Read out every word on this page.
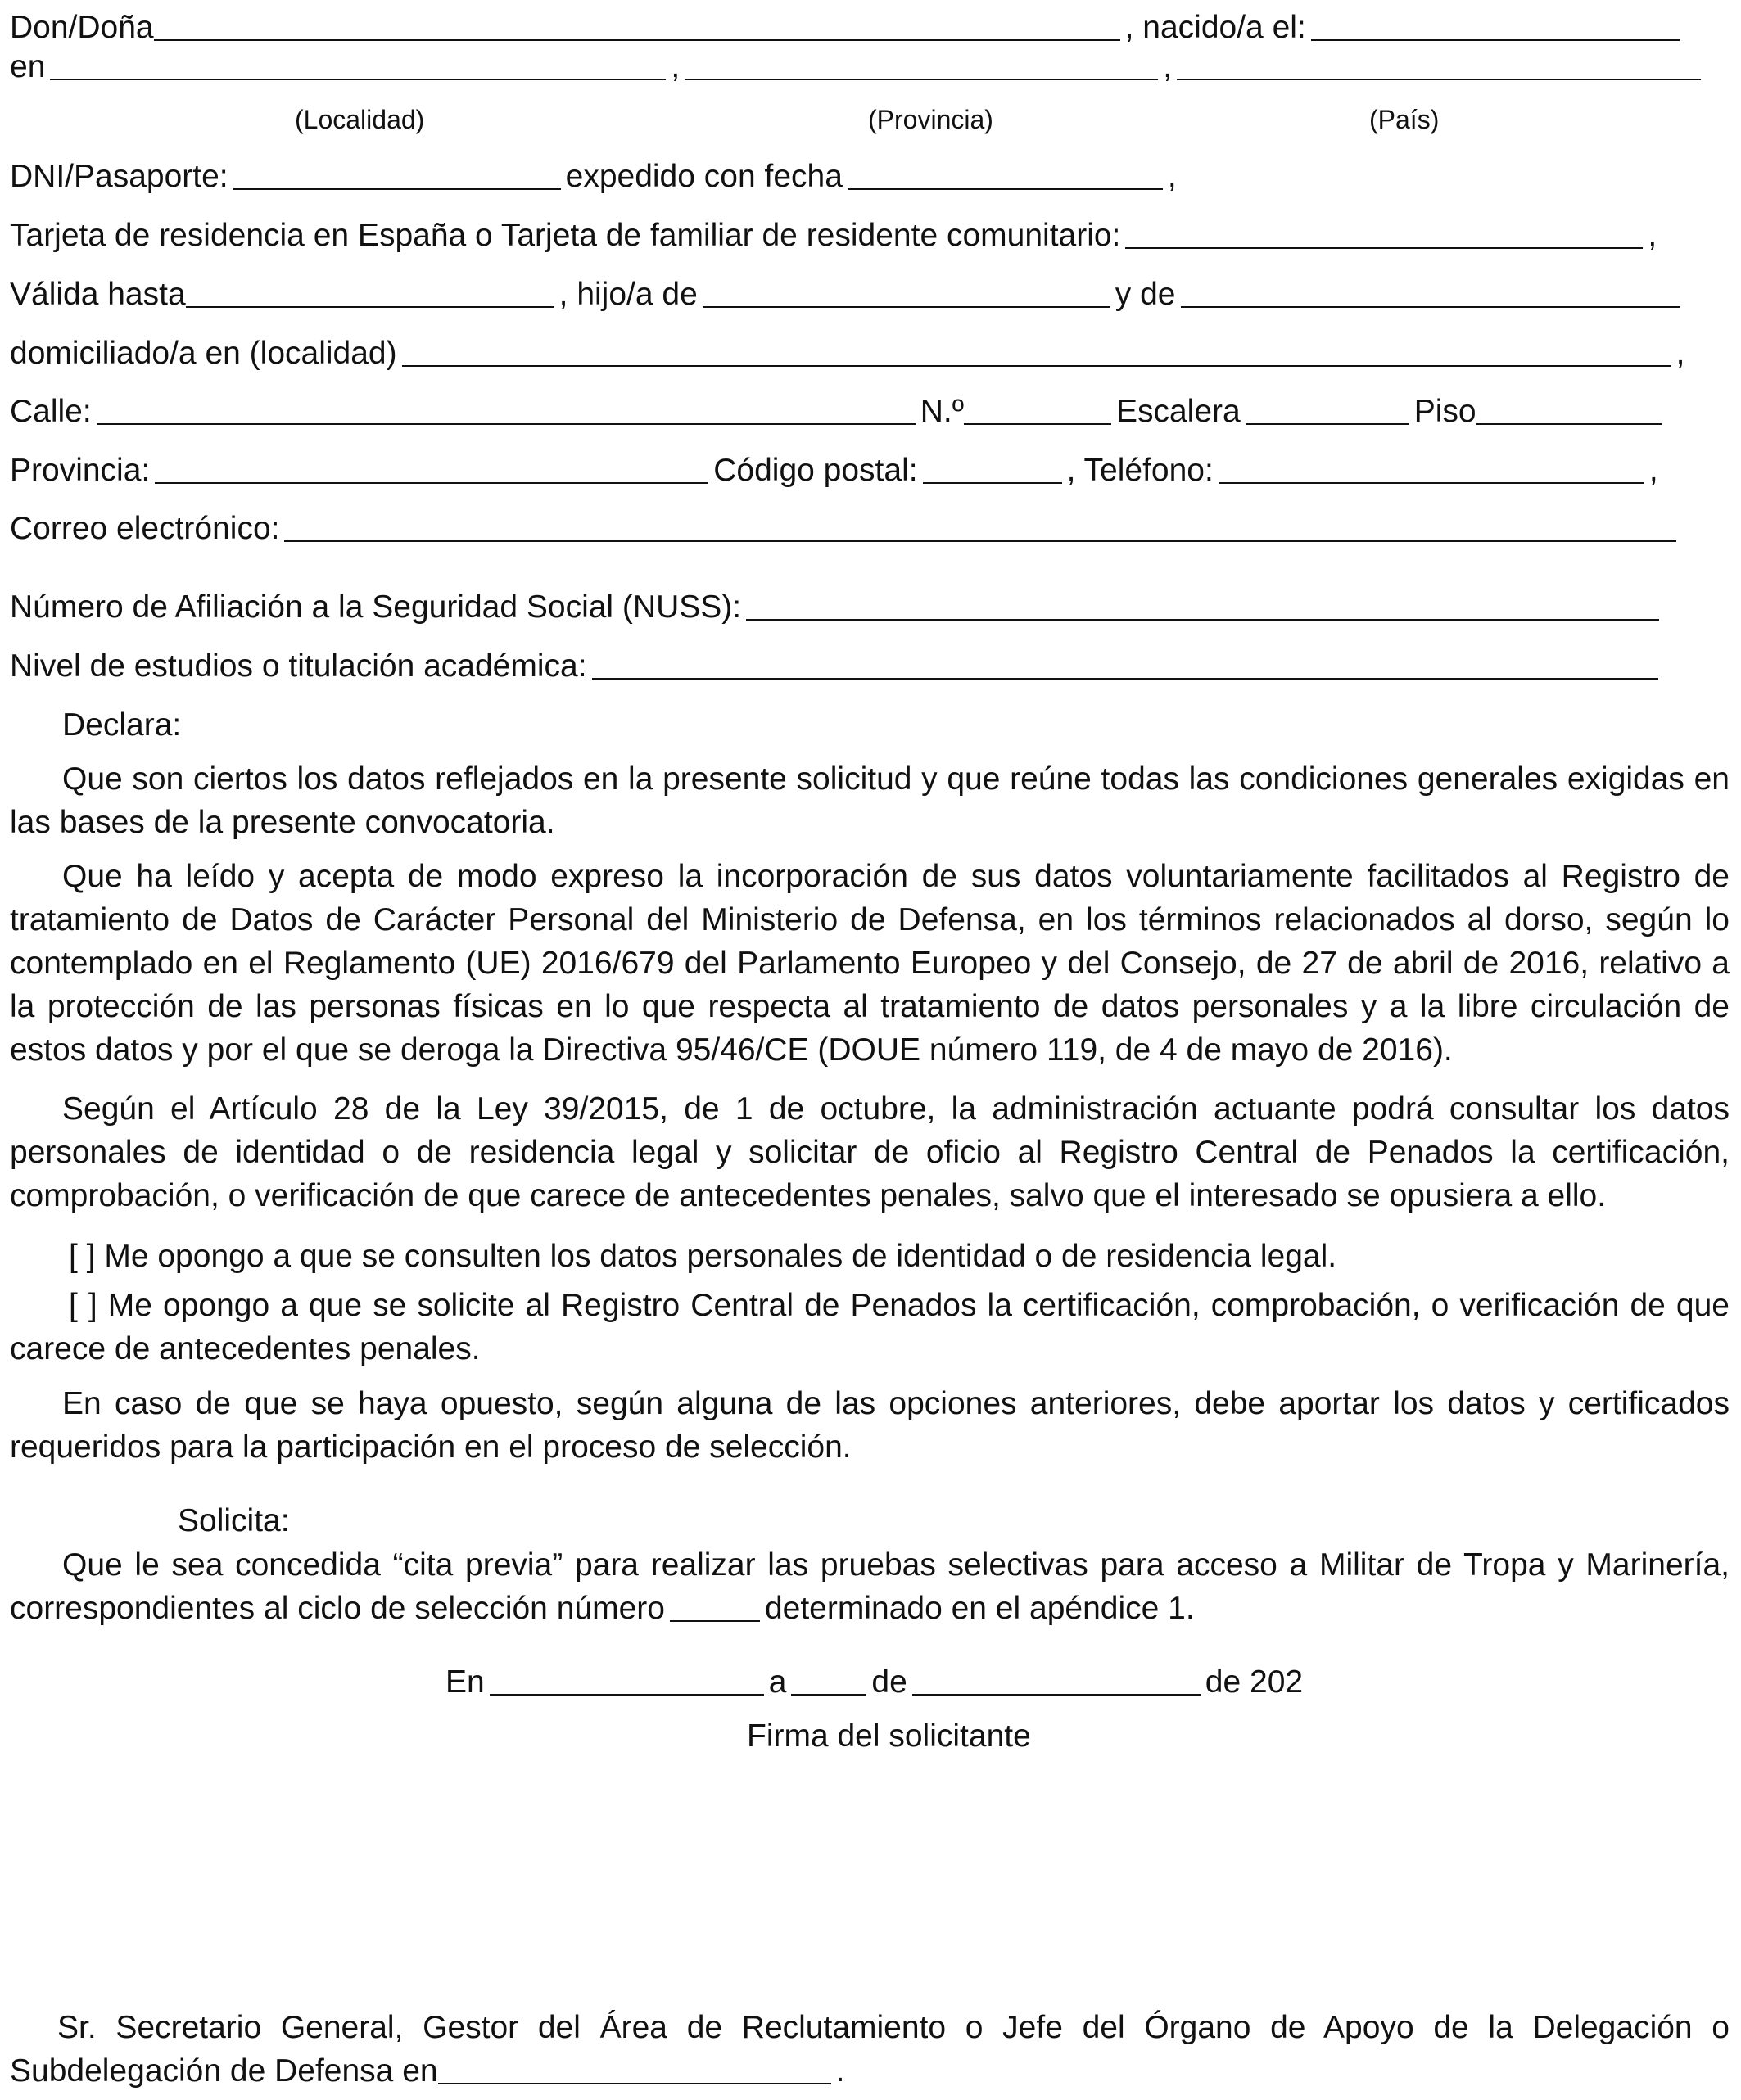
Don/Doña	, nacido/a el:
en	,	,
(Localidad)	(Provincia)	(País)
DNI/Pasaporte:	expedido con fecha	,
Tarjeta de residencia en España o Tarjeta de familiar de residente comunitario:	,
Válida hasta	, hijo/a de	y de
domiciliado/a en (localidad)	,
Calle:	N.º	Escalera	Piso
Provincia:	Código postal:	, Teléfono:	,
Correo electrónico:
Número de Afiliación a la Seguridad Social (NUSS):
Nivel de estudios o titulación académica:
Declara:
Que son ciertos los datos reflejados en la presente solicitud y que reúne todas las condiciones generales exigidas en las bases de la presente convocatoria.
Que ha leído y acepta de modo expreso la incorporación de sus datos voluntariamente facilitados al Registro de tratamiento de Datos de Carácter Personal del Ministerio de Defensa, en los términos relacionados al dorso, según lo contemplado en el Reglamento (UE) 2016/679 del Parlamento Europeo y del Consejo, de 27 de abril de 2016, relativo a la protección de las personas físicas en lo que respecta al tratamiento de datos personales y a la libre circulación de estos datos y por el que se deroga la Directiva 95/46/CE (DOUE número 119, de 4 de mayo de 2016).
Según el Artículo 28 de la Ley 39/2015, de 1 de octubre, la administración actuante podrá consultar los datos personales de identidad o de residencia legal y solicitar de oficio al Registro Central de Penados la certificación, comprobación, o verificación de que carece de antecedentes penales, salvo que el interesado se opusiera a ello.
[ ] Me opongo a que se consulten los datos personales de identidad o de residencia legal.
[ ] Me opongo a que se solicite al Registro Central de Penados la certificación, comprobación, o verificación de que carece de antecedentes penales.
En caso de que se haya opuesto, según alguna de las opciones anteriores, debe aportar los datos y certificados requeridos para la participación en el proceso de selección.
Solicita:
Que le sea concedida “cita previa” para realizar las pruebas selectivas para acceso a Militar de Tropa y Marinería, correspondientes al ciclo de selección número	determinado en el apéndice 1.
En	a	de	de 202
Firma del solicitante
Sr. Secretario General, Gestor del Área de Reclutamiento o Jefe del Órgano de Apoyo de la Delegación o Subdelegación de Defensa en	.
